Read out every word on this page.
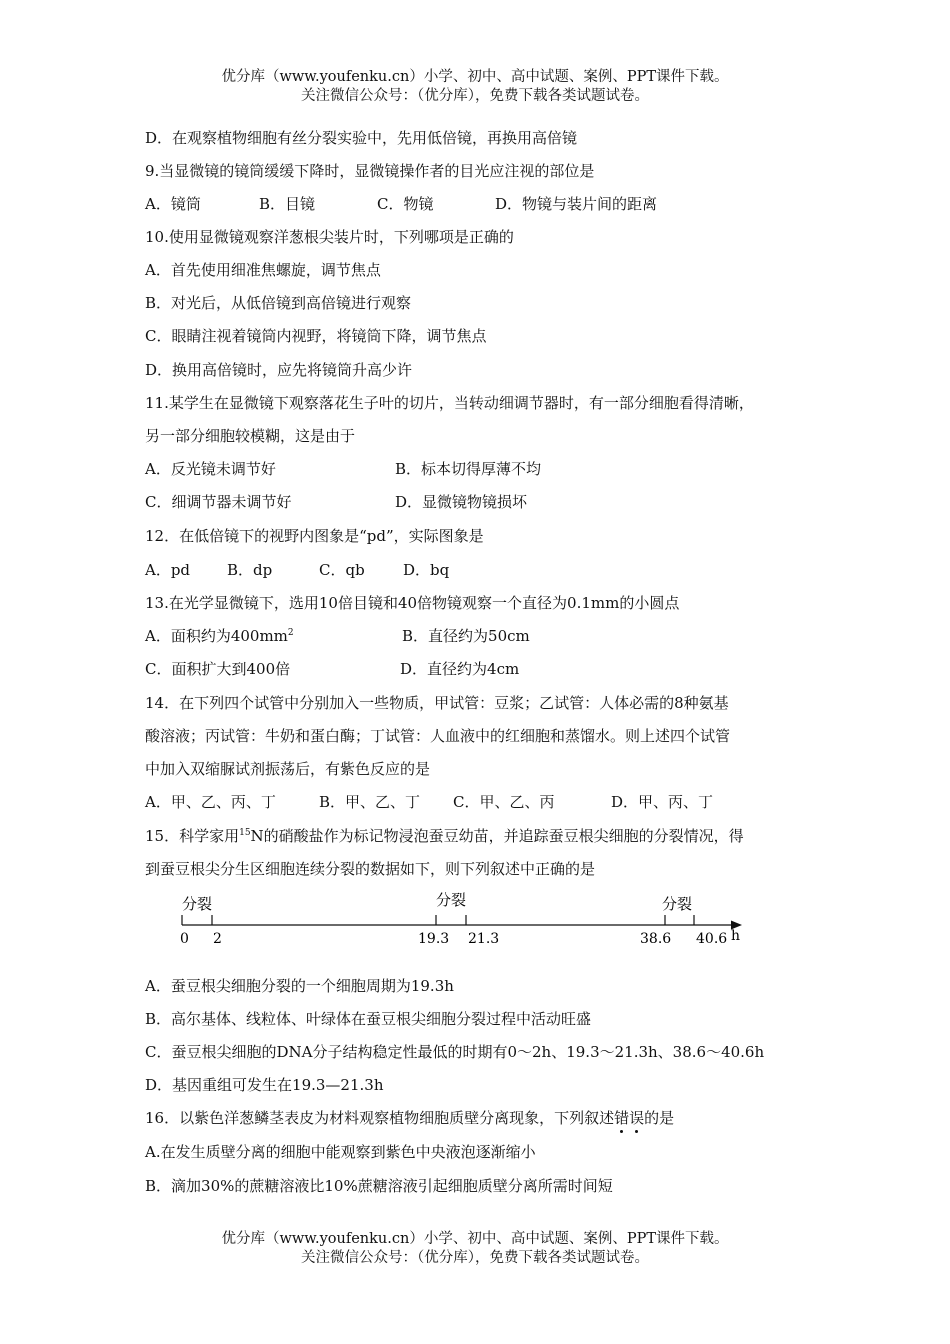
优分库（www.youfenku.cn）小学、初中、高中试题、案例、PPT课件下载。
关注微信公众号：（优分库），免费下载各类试题试卷。
D．在观察植物细胞有丝分裂实验中，先用低倍镜，再换用高倍镜
9.当显微镜的镜筒缓缓下降时，显微镜操作者的目光应注视的部位是
A．镜筒	B．目镜	C．物镜	D．物镜与装片间的距离
10.使用显微镜观察洋葱根尖装片时，下列哪项是正确的
A．首先使用细准焦螺旋，调节焦点
B．对光后，从低倍镜到高倍镜进行观察
C．眼睛注视着镜筒内视野，将镜筒下降，调节焦点
D．换用高倍镜时，应先将镜筒升高少许
11.某学生在显微镜下观察落花生子叶的切片，当转动细调节器时，有一部分细胞看得清晰，
另一部分细胞较模糊，这是由于
A．反光镜未调节好	B．标本切得厚薄不均
C．细调节器未调节好	D．显微镜物镜损坏
12．在低倍镜下的视野内图象是“pd”，实际图象是
A．pd B．dp	C．qb	D．bq
13.在光学显微镜下，选用10倍目镜和40倍物镜观察一个直径为0.1mm的小圆点
A．面积约为$400mm^2$	B．直径约为50cm
C．面积扩大到400倍	D．直径约为4cm
14．在下列四个试管中分别加入一些物质，甲试管：豆浆；乙试管：人体必需的8种氨基
酸溶液；丙试管：牛奶和蛋白酶；丁试管：人血液中的红细胞和蒸馏水。则上述四个试管
中加入双缩脲试剂振荡后，有紫色反应的是
A．甲、乙、丙、丁	B．甲、乙、丁 C．甲、乙、丙	D．甲、丙、丁
15．科学家用$^{15}$N的硝酸盐作为标记物浸泡蚕豆幼苗，并追踪蚕豆根尖细胞的分裂情况，得
到蚕豆根尖分生区细胞连续分裂的数据如下，则下列叙述中正确的是
分裂	分裂	分裂
0 2	19.3 21.3	38.6 40.6 h
A．蚕豆根尖细胞分裂的一个细胞周期为19.3h
B．高尔基体、线粒体、叶绿体在蚕豆根尖细胞分裂过程中活动旺盛
C．蚕豆根尖细胞的DNA分子结构稳定性最低的时期有0～2h、19.3～21.3h、38.6～40.6h
D．基因重组可发生在19.3—21.3h
16．以紫色洋葱鳞茎表皮为材料观察植物细胞质壁分离现象，下列叙述错误的是
A.在发生质壁分离的细胞中能观察到紫色中央液泡逐渐缩小
B．滴加30%的蔗糖溶液比10%蔗糖溶液引起细胞质壁分离所需时间短
优分库（www.youfenku.cn）小学、初中、高中试题、案例、PPT课件下载。
关注微信公众号：（优分库），免费下载各类试题试卷。
